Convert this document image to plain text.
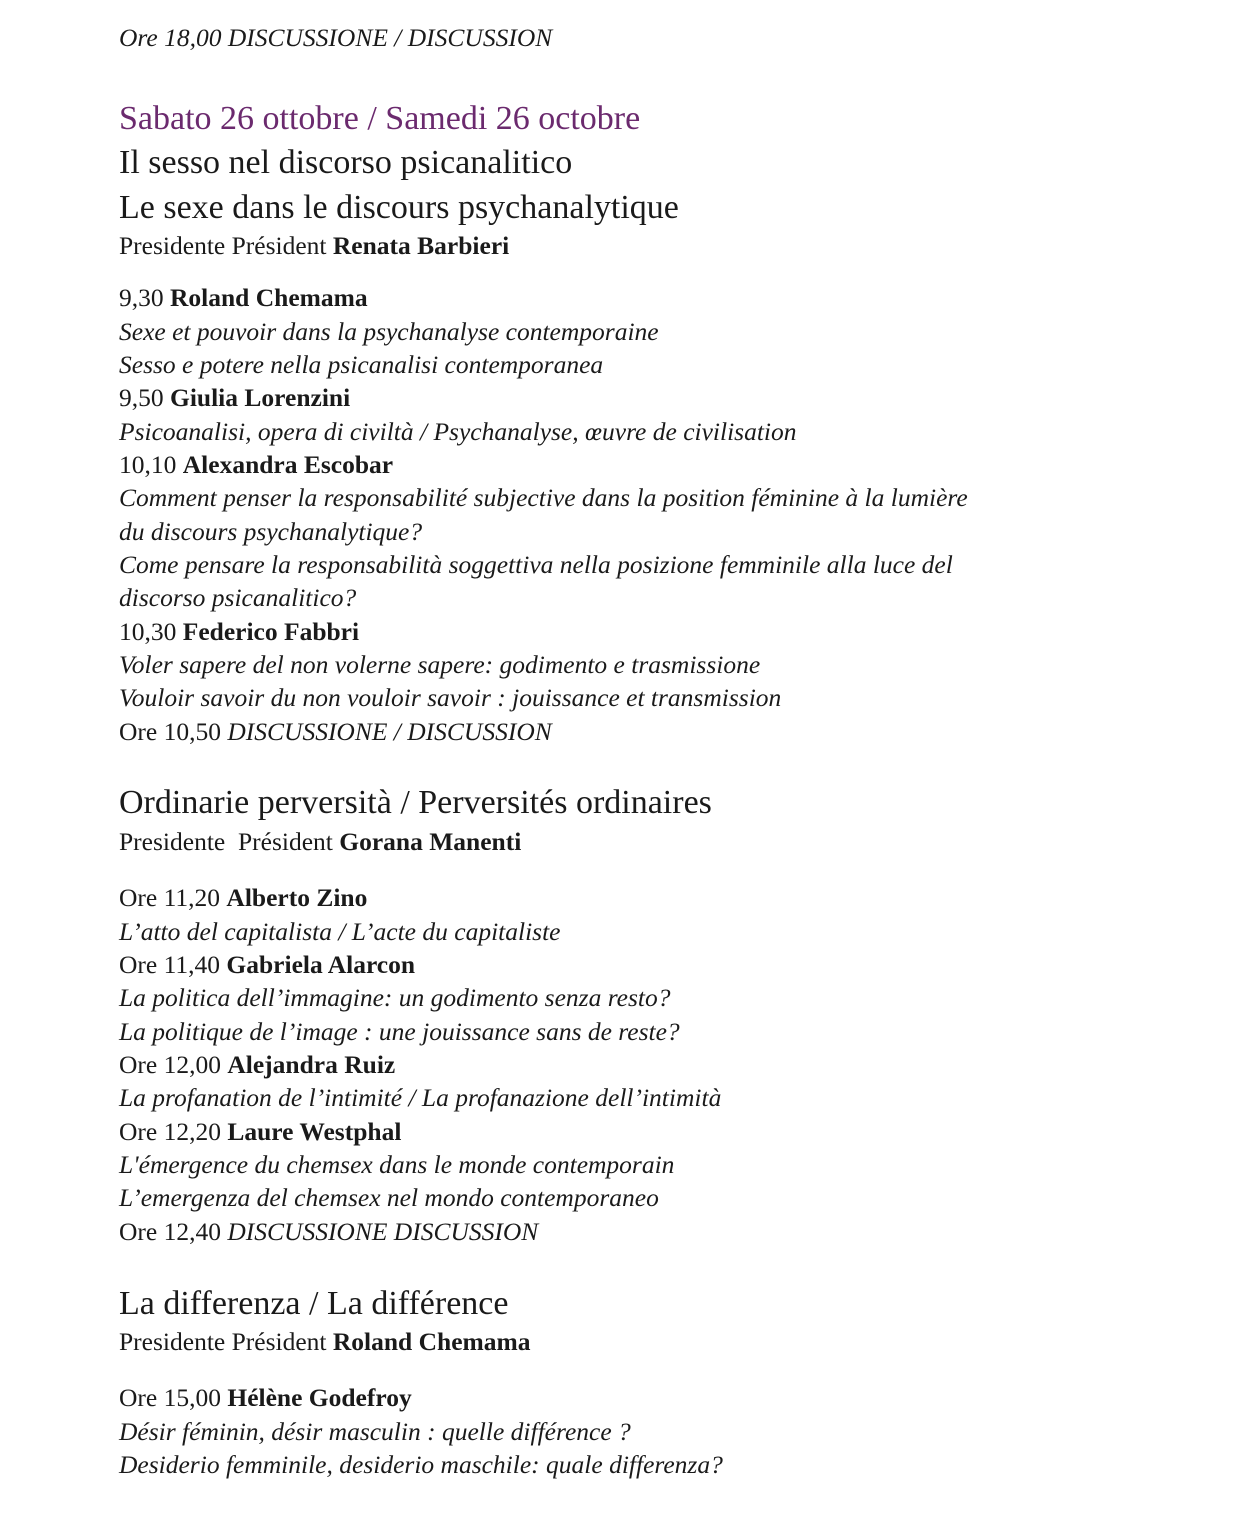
Ore 18,00 DISCUSSIONE / DISCUSSION
Sabato 26 ottobre / Samedi 26 octobre
Il sesso nel discorso psicanalitico
Le sexe dans le discours psychanalytique
Presidente Président Renata Barbieri
9,30 Roland Chemama
Sexe et pouvoir dans la psychanalyse contemporaine
Sesso e potere nella psicanalisi contemporanea
9,50 Giulia Lorenzini
Psicoanalisi, opera di civiltà / Psychanalyse, œuvre de civilisation
10,10 Alexandra Escobar
Comment penser la responsabilité subjective dans la position féminine à la lumière
du discours psychanalytique?
Come pensare la responsabilità soggettiva nella posizione femminile alla luce del
discorso psicanalitico?
10,30 Federico Fabbri
Voler sapere del non volerne sapere: godimento e trasmissione
Vouloir savoir du non vouloir savoir : jouissance et transmission
Ore 10,50 DISCUSSIONE / DISCUSSION
Ordinarie perversità / Perversités ordinaires
Presidente  Président Gorana Manenti
Ore 11,20 Alberto Zino
L’atto del capitalista / L’acte du capitaliste
Ore 11,40 Gabriela Alarcon
La politica dell’immagine: un godimento senza resto?
La politique de l’image : une jouissance sans de reste?
Ore 12,00 Alejandra Ruiz
La profanation de l’intimité / La profanazione dell’intimità
Ore 12,20 Laure Westphal
L'émergence du chemsex dans le monde contemporain
L’emergenza del chemsex nel mondo contemporaneo
Ore 12,40 DISCUSSIONE DISCUSSION
La differenza / La différence
Presidente Président Roland Chemama
Ore 15,00 Hélène Godefroy
Désir féminin, désir masculin : quelle différence ?
Desiderio femminile, desiderio maschile: quale differenza?
